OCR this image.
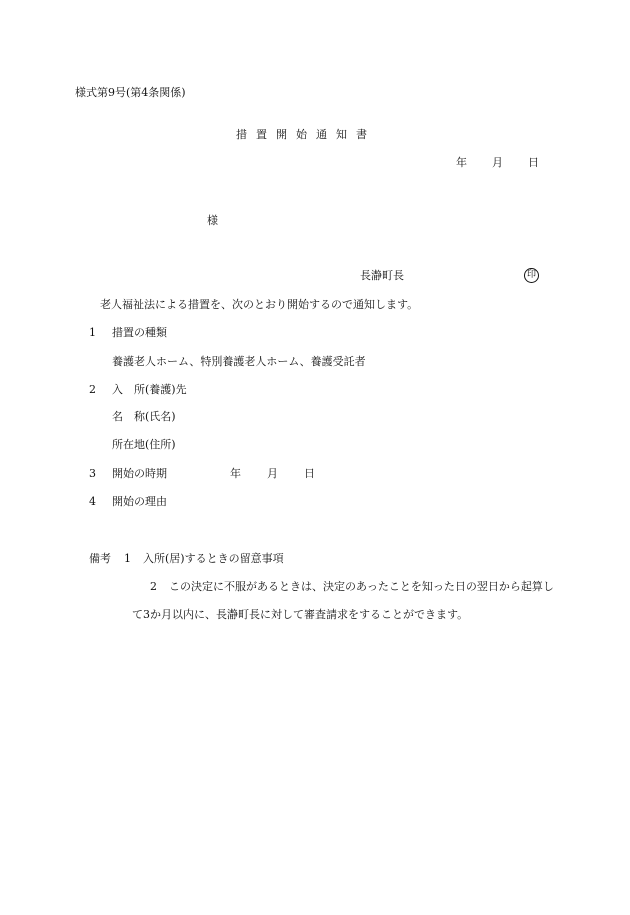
様式第9号(第4条関係)
措置開始通知書
年 月 日
様
長瀞町長	印
老人福祉法による措置を、次のとおり開始するので通知します。
1 措置の種類
養護老人ホーム、特別養護老人ホーム、養護受託者
2 入　所(養護)先
名　称(氏名)
所在地(住所)
3 開始の時期	年 月 日
4 開始の理由
備考 1 入所(居)するときの留意事項
2 この決定に不服があるときは、決定のあったことを知った日の翌日から起算し
て3か月以内に、長瀞町長に対して審査請求をすることができます。
